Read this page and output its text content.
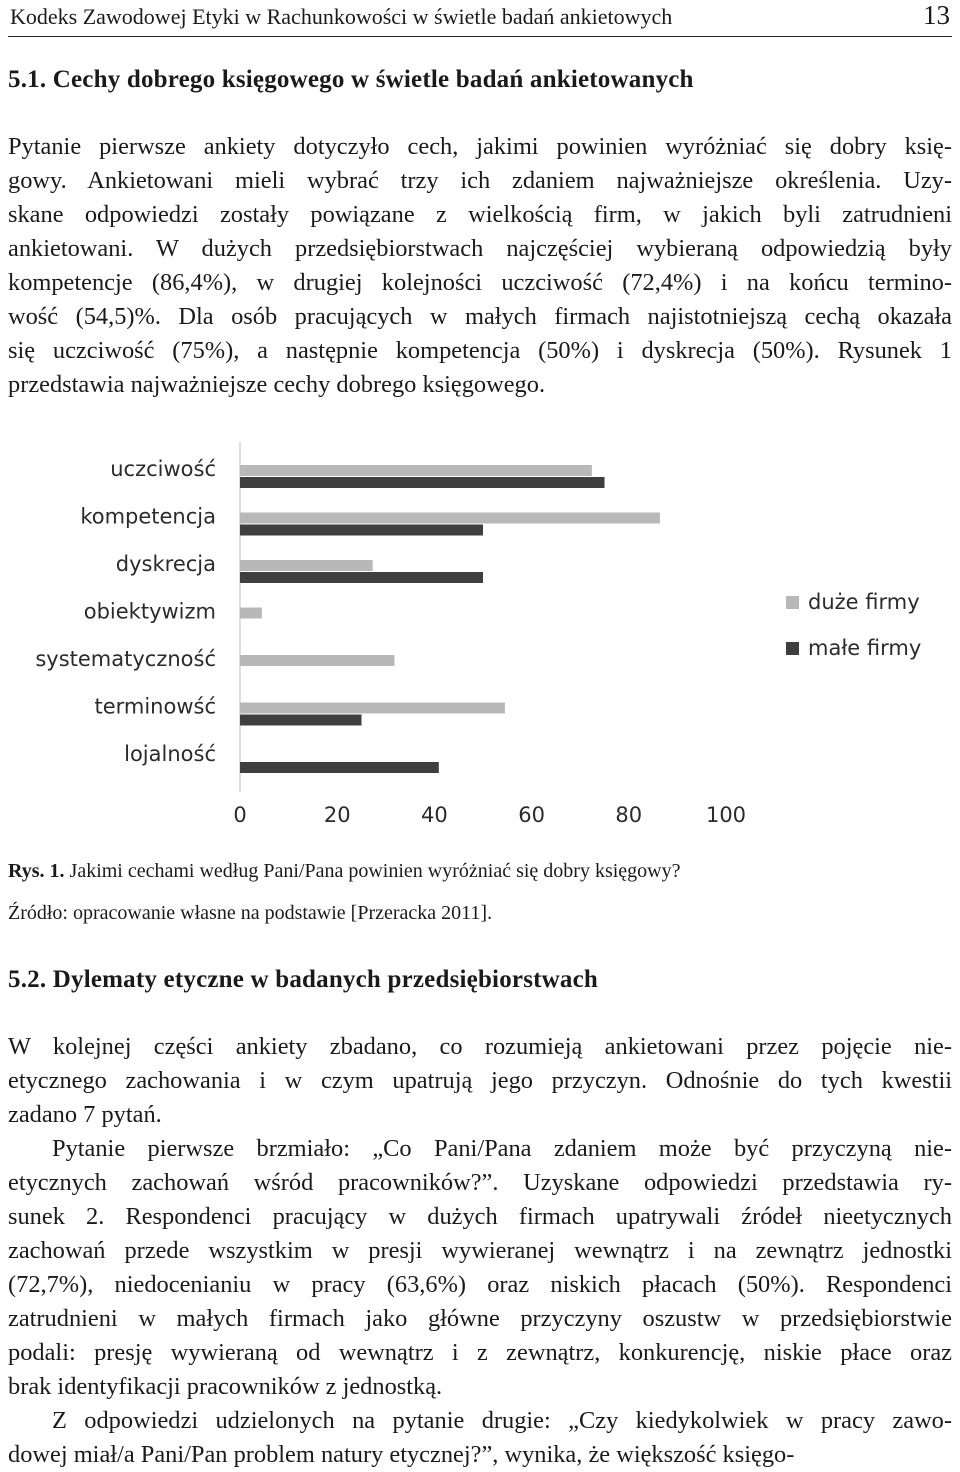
Kodeks Zawodowej Etyki w Rachunkowości w świetle badań ankietowych	13
5.1. Cechy dobrego księgowego w świetle badań ankietowanych
Pytanie pierwsze ankiety dotyczyło cech, jakimi powinien wyróżniać się dobry księ-
gowy. Ankietowani mieli wybrać trzy ich zdaniem najważniejsze określenia. Uzy-
skane odpowiedzi zostały powiązane z wielkością firm, w jakich byli zatrudnieni
ankietowani. W dużych przedsiębiorstwach najczęściej wybieraną odpowiedzią były
kompetencje (86,4%), w drugiej kolejności uczciwość (72,4%) i na końcu termino-
wość (54,5)%. Dla osób pracujących w małych firmach najistotniejszą cechą okazała
się uczciwość (75%), a następnie kompetencja (50%) i dyskrecja (50%). Rysunek 1
przedstawia najważniejsze cechy dobrego księgowego.
uczciwość
kompetencja
dyskrecja
obiektywizm
systematyczność
terminowść
lojalność
0	20	40	60	80	100
duże firmy
małe firmy
Rys. 1. Jakimi cechami według Pani/Pana powinien wyróżniać się dobry księgowy?
Źródło: opracowanie własne na podstawie [Przeracka 2011].
5.2. Dylematy etyczne w badanych przedsiębiorstwach
W kolejnej części ankiety zbadano, co rozumieją ankietowani przez pojęcie nie-
etycznego zachowania i w czym upatrują jego przyczyn. Odnośnie do tych kwestii
zadano 7 pytań.
Pytanie pierwsze brzmiało: „Co Pani/Pana zdaniem może być przyczyną nie-
etycznych zachowań wśród pracowników?”. Uzyskane odpowiedzi przedstawia ry-
sunek 2. Respondenci pracujący w dużych firmach upatrywali źródeł nieetycznych
zachowań przede wszystkim w presji wywieranej wewnątrz i na zewnątrz jednostki
(72,7%), niedocenianiu w pracy (63,6%) oraz niskich płacach (50%). Respondenci
zatrudnieni w małych firmach jako główne przyczyny oszustw w przedsiębiorstwie
podali: presję wywieraną od wewnątrz i z zewnątrz, konkurencję, niskie płace oraz
brak identyfikacji pracowników z jednostką.
Z odpowiedzi udzielonych na pytanie drugie: „Czy kiedykolwiek w pracy zawo-
dowej miał/a Pani/Pan problem natury etycznej?”, wynika, że większość księgo-
